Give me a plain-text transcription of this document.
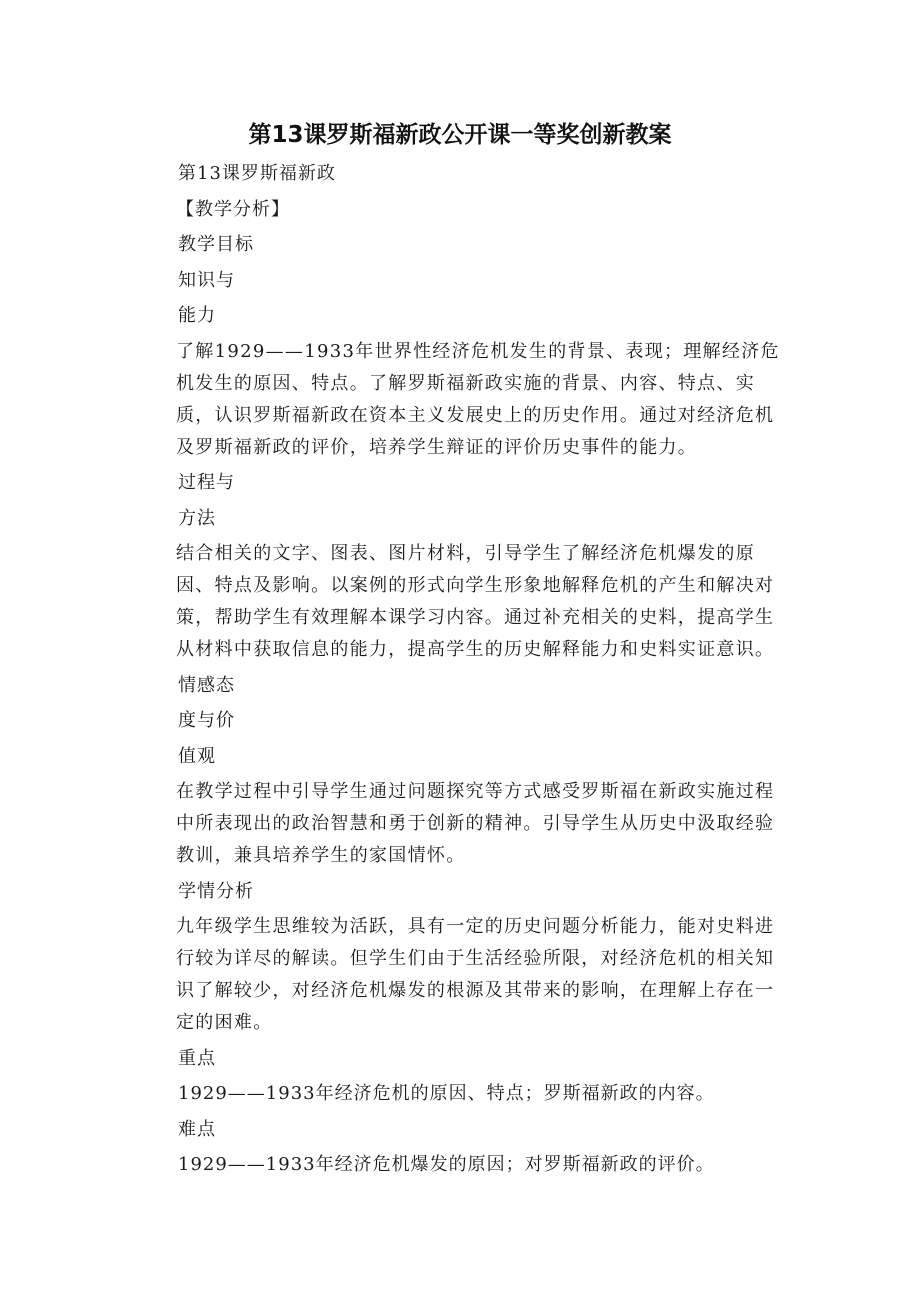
第13课罗斯福新政公开课一等奖创新教案
第13课罗斯福新政
【教学分析】
教学目标
知识与
能力

了解1929——1933年世界性经济危机发生的背景、表现；理解经济危机发生的原因、特点。了解罗斯福新政实施的背景、内容、特点、实质，认识罗斯福新政在资本主义发展史上的历史作用。通过对经济危机及罗斯福新政的评价，培养学生辩证的评价历史事件的能力。

过程与
方法

结合相关的文字、图表、图片材料，引导学生了解经济危机爆发的原因、特点及影响。以案例的形式向学生形象地解释危机的产生和解决对策，帮助学生有效理解本课学习内容。通过补充相关的史料，提高学生从材料中获取信息的能力，提高学生的历史解释能力和史料实证意识。

情感态
度与价
值观

在教学过程中引导学生通过问题探究等方式感受罗斯福在新政实施过程中所表现出的政治智慧和勇于创新的精神。引导学生从历史中汲取经验教训，兼具培养学生的家国情怀。

学情分析

九年级学生思维较为活跃，具有一定的历史问题分析能力，能对史料进行较为详尽的解读。但学生们由于生活经验所限，对经济危机的相关知识了解较少，对经济危机爆发的根源及其带来的影响，在理解上存在一定的困难。

重点
1929——1933年经济危机的原因、特点；罗斯福新政的内容。
难点
1929——1933年经济危机爆发的原因；对罗斯福新政的评价。
